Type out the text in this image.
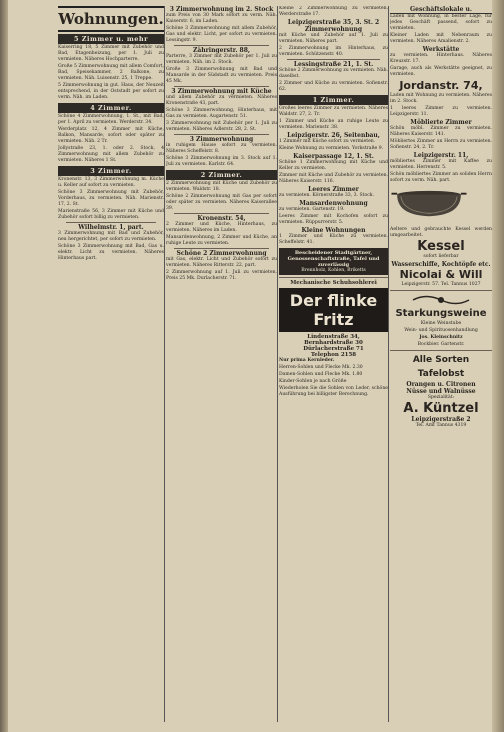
Wohnungen.
5 Zimmer u. mehr
Kaiserring 18, 5 Zimmer mit Zubehör und Bad, Etagenheizung, per 1. Juli zu vermieten. Näheres Hochparterre.
Große 5 Zimmerwohnung mit allem Comfort, Bad, Speisekammer, 2 Balkone, zu vermieten. Näh. Luisenstr. 25, 1 Treppe.
5 Zimmerwohnung in gut. Haus, der Neuzeit entsprechend, in der Oststadt per sofort zu verm. Näh. im Laden.
4 Zimmer.
Schöne 4 Zimmerwohnung, 1. St., mit Bad, per 1. April zu vermieten. Werderstr. 34.
Werderplatz 12, 4 Zimmer mit Küche, Balkon, Mansarde, sofort oder später zu vermieten. Näh. 2 Tr.
Jollystraße 23, 1. oder 2. Stock, 4 Zimmerwohnung mit allem Zubehör zu vermieten. Näheres 1 St.
3 Zimmer.
Kronenstr. 13, 3 Zimmerwohnung m. Küche u. Keller auf sofort zu vermieten.
Schöne 3 Zimmerwohnung mit Zubehör, Vorderhaus, zu vermieten. Näh. Marienstr. 17, 2. St.
Marienstraße 56, 3 Zimmer mit Küche und Zubehör sofort billig zu vermieten.
Wilhelmstr. 1, part.
3 Zimmerwohnung mit Bad und Zubehör, neu hergerichtet, per sofort zu vermieten.
Schöne 3 Zimmerwohnung mit Bad, Gas u. elektr. Licht zu vermieten. Näheres Hinterhaus part.
3 Zimmerwohnung im 2. Stock
zum Preis von 30 Mark sofort zu verm. Näh. Kaiserstr. 6, im Laden.
Schöne 3 Zimmerwohnung mit allem Zubehör, Gas und elektr. Licht, per sofort zu vermieten. Lessingstr. 9.
Zähringerstr. 88,
Parterre, 3 Zimmer mit Zubehör per 1. Juli zu vermieten. Näh. im 2. Stock.
Große 3 Zimmerwohnung mit Bad und Mansarde in der Südstadt zu vermieten. Preis 45 Mk.
3 Zimmerwohnung mit Küche
und allem Zubehör zu vermieten. Näheres Kronenstraße 43, part.
Schöne 3 Zimmerwohnung, Hinterhaus, mit Gas zu vermieten. Augartenstr. 51.
3 Zimmerwohnung mit Zubehör per 1. Juli zu vermieten. Näheres Adlerstr. 28, 2. St.
3 Zimmerwohnung
in ruhigem Hause sofort zu vermieten. Näheres Scheffelstr. 8.
Schöne 3 Zimmerwohnung im 3. Stock auf 1. Juli zu vermieten. Karlstr. 64.
2 Zimmer.
2 Zimmerwohnung mit Küche und Zubehör zu vermieten. Waldstr. 18.
Schöne 2 Zimmerwohnung mit Gas per sofort oder später zu vermieten. Näheres Kaiserallee 39.
Kronenstr. 54,
2 Zimmer und Küche, Hinterhaus, zu vermieten. Näheres im Laden.
Mansardenwohnung, 2 Zimmer und Küche, an ruhige Leute zu vermieten.
Schöne 2 Zimmerwohnung
mit Gas, elektr. Licht und Zubehör sofort zu vermieten. Näheres Ritterstr. 22, part.
2 Zimmerwohnung auf 1. Juli zu vermieten. Preis 25 Mk. Durlacherstr. 71.
Kleine 2 Zimmerwohnung zu vermieten. Werderstraße 17.
Leipzigerstraße 35, 3. St. 2 Zimmerwohnung
mit Küche und Zubehör auf 1. Juli zu vermieten. Näheres part.
2 Zimmerwohnung im Hinterhaus, zu vermieten. Schützenstr. 40.
Lessingstraße 21, 1. St.
Schöne 2 Zimmerwohnung zu vermieten. Näh. daselbst.
2 Zimmer und Küche zu vermieten. Sofienstr. 62.
1 Zimmer.
Großes leeres Zimmer zu vermieten. Näheres Waldstr. 27, 2. Tr.
1 Zimmer und Küche an ruhige Leute zu vermieten. Marienstr. 38.
Leipzigerstr. 26, Seitenbau,
1 Zimmer mit Küche sofort zu vermieten.
Kleine Wohnung zu vermieten. Yorkstraße 9.
Kaiserpassage 12, 1. St.
Schöne 1 Zimmerwohnung mit Küche und Keller zu vermieten.
Zimmer mit Küche und Zubehör zu vermieten. Näheres Kaiserstr. 116.
Leeres Zimmer
zu vermieten. Körnerstraße 33, 3. Stock.
Mansardenwohnung
zu vermieten. Gartenstr. 19.
Leeres Zimmer mit Kochofen sofort zu vermieten. Rüppurrerstr. 5.
Kleine Wohnungen
1 Zimmer und Küche zu vermieten. Scheffelstr. 41.
Bescheidener Stadtgärtner, Genossenschaftstraße, Tafel und zuverlässig
Brennholz, Kohlen, Briketts
Mechanische Schuhsohlerei
Der flinke Fritz
Lindenstraße 34,
Bernhardstraße 30
Dürlacherstraße 71
Telephon 2158
Nur prima Kernleder.
Herren-Sohlen und Flecke Mk. 2.30
Damen-Sohlen und Flecke Mk. 1.80
Kinder-Sohlen je nach Größe
Wiederholen Sie die Sohlen von Leder, schöne Ausführung bei billigster Berechnung.
Geschäftslokale u.
Laden mit Wohnung, in bester Lage, für jedes Geschäft passend, sofort zu vermieten.
Kleiner Laden mit Nebenraum zu vermieten. Näheres Amalienstr. 2.
Werkstätte
zu vermieten. Hinterhaus. Näheres Kreuzstr. 17.
Garage, auch als Werkstätte geeignet, zu vermieten.
Jordanstr. 74,
Laden mit Wohnung zu vermieten. Näheres im 2. Stock.
1 leeres Zimmer zu vermieten. Leipzigerstr. 11.
Möblierte Zimmer
Schön möbl. Zimmer zu vermieten. Näheres Kaiserstr. 141.
Möbliertes Zimmer an Herrn zu vermieten. Sofienstr. 24, 2. Tr.
Leipzigerstr. 11,
möbliertes Zimmer mit Kaffee zu vermieten. Herrenstr. 5.
Schön möbliertes Zimmer an soliden Herrn sofort zu verm. Näh. part.
Aeltere und gebrauchte Kessel werden umgearbeitet.
Kessel
sofort lieferbar
Wasserschiffe, Kochtöpfe etc.
Nicolai & Will
Leipzigerstr. 57. Tel. Tannus 1027
Starkungsweine
Kleine Weinstube
Wein- und Spirituosenhandlung
Jos. Kleinschnitz
Bockbier. Gartenstr.
Alle Sorten Tafelobst
Orangen u. Citronen
Nüsse und Walnüsse
Spezialität:
A. Küntzel
Leipzigerstraße 2
Tel. Amt Tannus 4319
